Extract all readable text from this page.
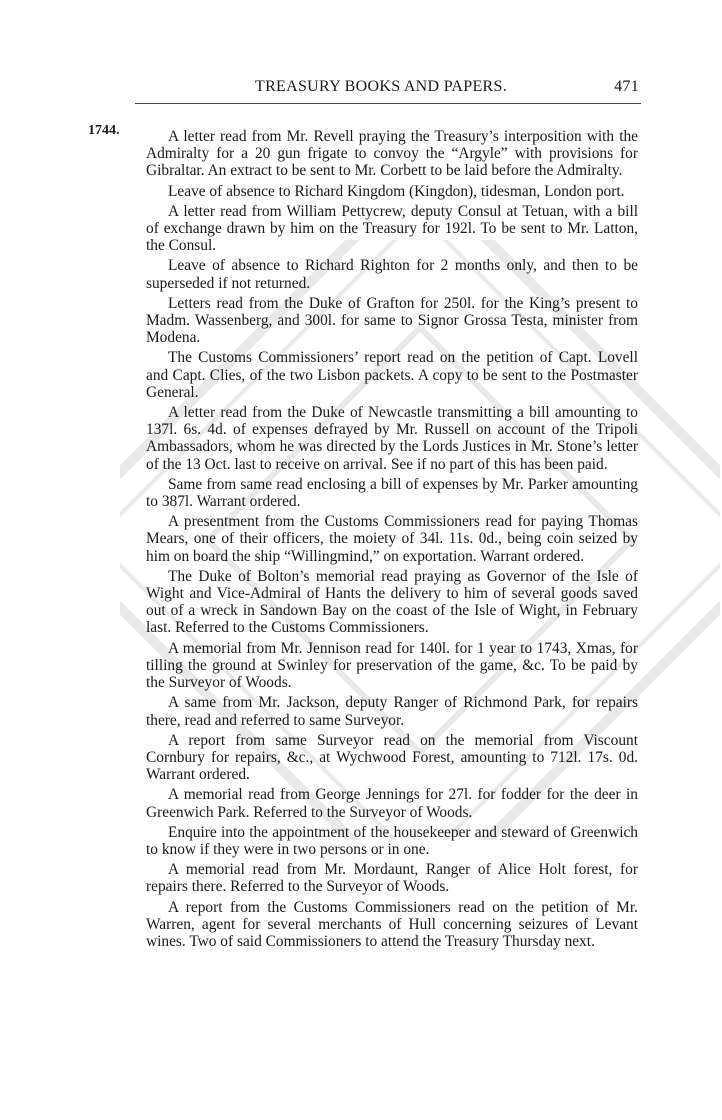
TREASURY BOOKS AND PAPERS.	471
1744.	A letter read from Mr. Revell praying the Treasury’s interposition with the Admiralty for a 20 gun frigate to convoy the “Argyle” with provisions for Gibraltar. An extract to be sent to Mr. Corbett to be laid before the Admiralty.

Leave of absence to Richard Kingdom (Kingdon), tidesman, London port.

A letter read from William Pettycrew, deputy Consul at Tetuan, with a bill of exchange drawn by him on the Treasury for 192l. To be sent to Mr. Latton, the Consul.

Leave of absence to Richard Righton for 2 months only, and then to be superseded if not returned.

Letters read from the Duke of Grafton for 250l. for the King’s present to Madm. Wassenberg, and 300l. for same to Signor Grossa Testa, minister from Modena.

The Customs Commissioners’ report read on the petition of Capt. Lovell and Capt. Clies, of the two Lisbon packets. A copy to be sent to the Postmaster General.

A letter read from the Duke of Newcastle transmitting a bill amounting to 137l. 6s. 4d. of expenses defrayed by Mr. Russell on account of the Tripoli Ambassadors, whom he was directed by the Lords Justices in Mr. Stone’s letter of the 13 Oct. last to receive on arrival. See if no part of this has been paid.

Same from same read enclosing a bill of expenses by Mr. Parker amounting to 387l. Warrant ordered.

A presentment from the Customs Commissioners read for paying Thomas Mears, one of their officers, the moiety of 34l. 11s. 0d., being coin seized by him on board the ship “Willingmind,” on exportation. Warrant ordered.

The Duke of Bolton’s memorial read praying as Governor of the Isle of Wight and Vice-Admiral of Hants the delivery to him of several goods saved out of a wreck in Sandown Bay on the coast of the Isle of Wight, in February last. Referred to the Customs Commissioners.

A memorial from Mr. Jennison read for 140l. for 1 year to 1743, Xmas, for tilling the ground at Swinley for preservation of the game, &c. To be paid by the Surveyor of Woods.

A same from Mr. Jackson, deputy Ranger of Richmond Park, for repairs there, read and referred to same Surveyor.

A report from same Surveyor read on the memorial from Viscount Cornbury for repairs, &c., at Wychwood Forest, amounting to 712l. 17s. 0d. Warrant ordered.

A memorial read from George Jennings for 27l. for fodder for the deer in Greenwich Park. Referred to the Surveyor of Woods.

Enquire into the appointment of the housekeeper and steward of Greenwich to know if they were in two persons or in one.

A memorial read from Mr. Mordaunt, Ranger of Alice Holt forest, for repairs there. Referred to the Surveyor of Woods.

A report from the Customs Commissioners read on the petition of Mr. Warren, agent for several merchants of Hull concerning seizures of Levant wines. Two of said Commissioners to attend the Treasury Thursday next.
